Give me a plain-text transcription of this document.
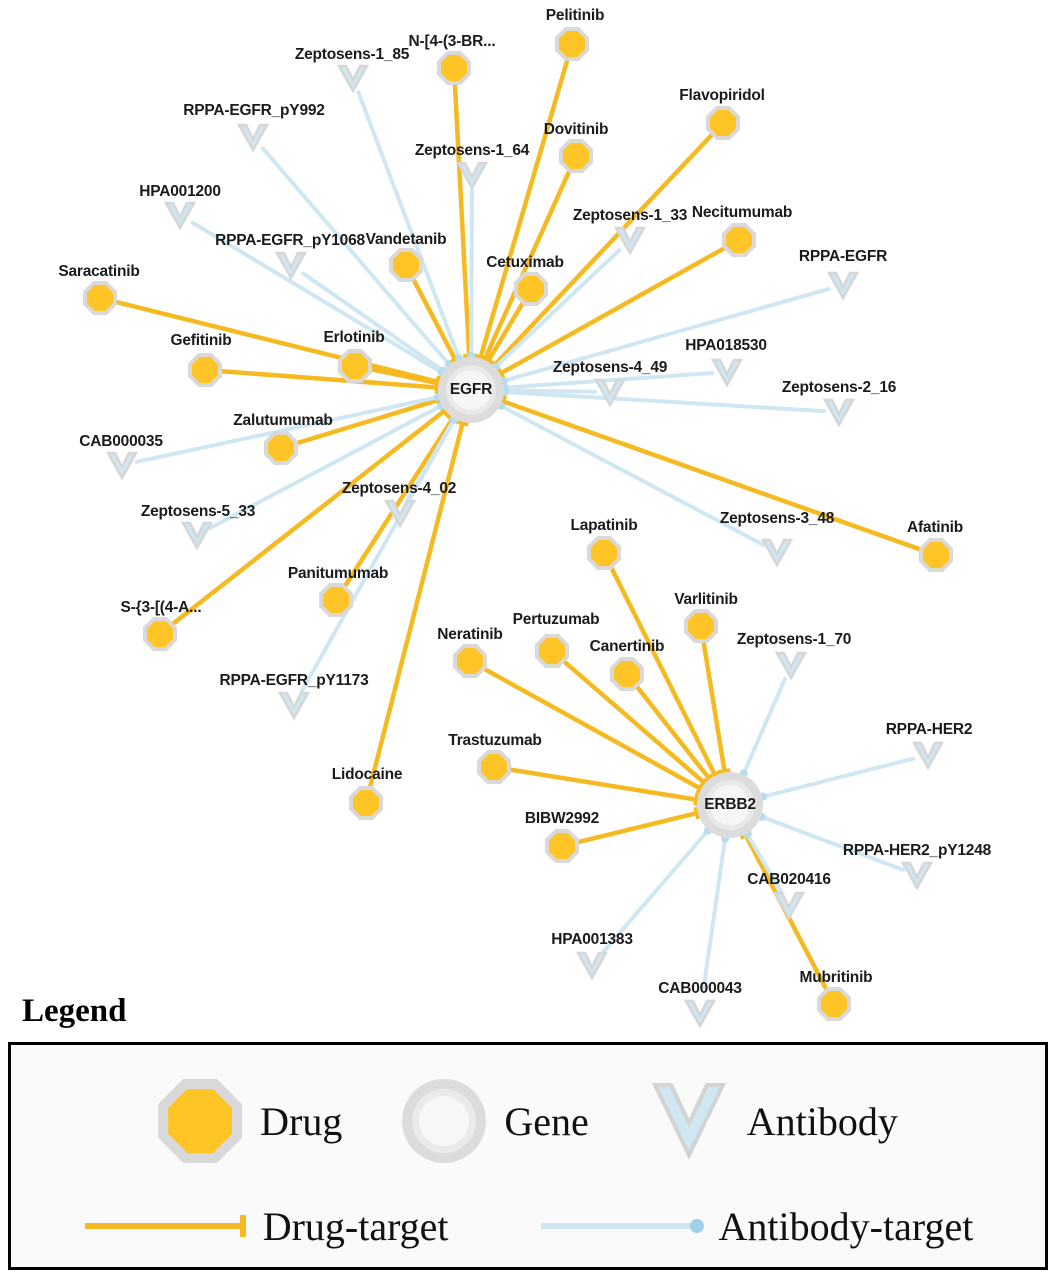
Pelitinib
N-[4-(3-BR...
Flavopiridol
Dovitinib
Necitumumab
Vandetanib
Cetuximab
Saracatinib
Gefitinib	Erlotinib
Zalutumumab
Afatinib
Lapatinib
Panitumumab
S-{3-[(4-A...	Varlitinib
Pertuzumab
Neratinib
Canertinib
Trastuzumab
Lidocaine
BIBW2992
Mubritinib
Zeptosens-1_85
RPPA-EGFR_pY992
Zeptosens-1_64
HPA001200
Zeptosens-1_33
RPPA-EGFR_pY1068
RPPA-EGFR
HPA018530
Zeptosens-4_49
Zeptosens-2_16
CAB000035
Zeptosens-4_02
Zeptosens-5_33	Zeptosens-3_48
Zeptosens-1_70
RPPA-EGFR_pY1173
RPPA-HER2
RPPA-HER2_pY1248
CAB020416
HPA001383
CAB000043
EGFR
ERBB2
Legend
Drug	Gene	Antibody
Drug-target	Antibody-target
